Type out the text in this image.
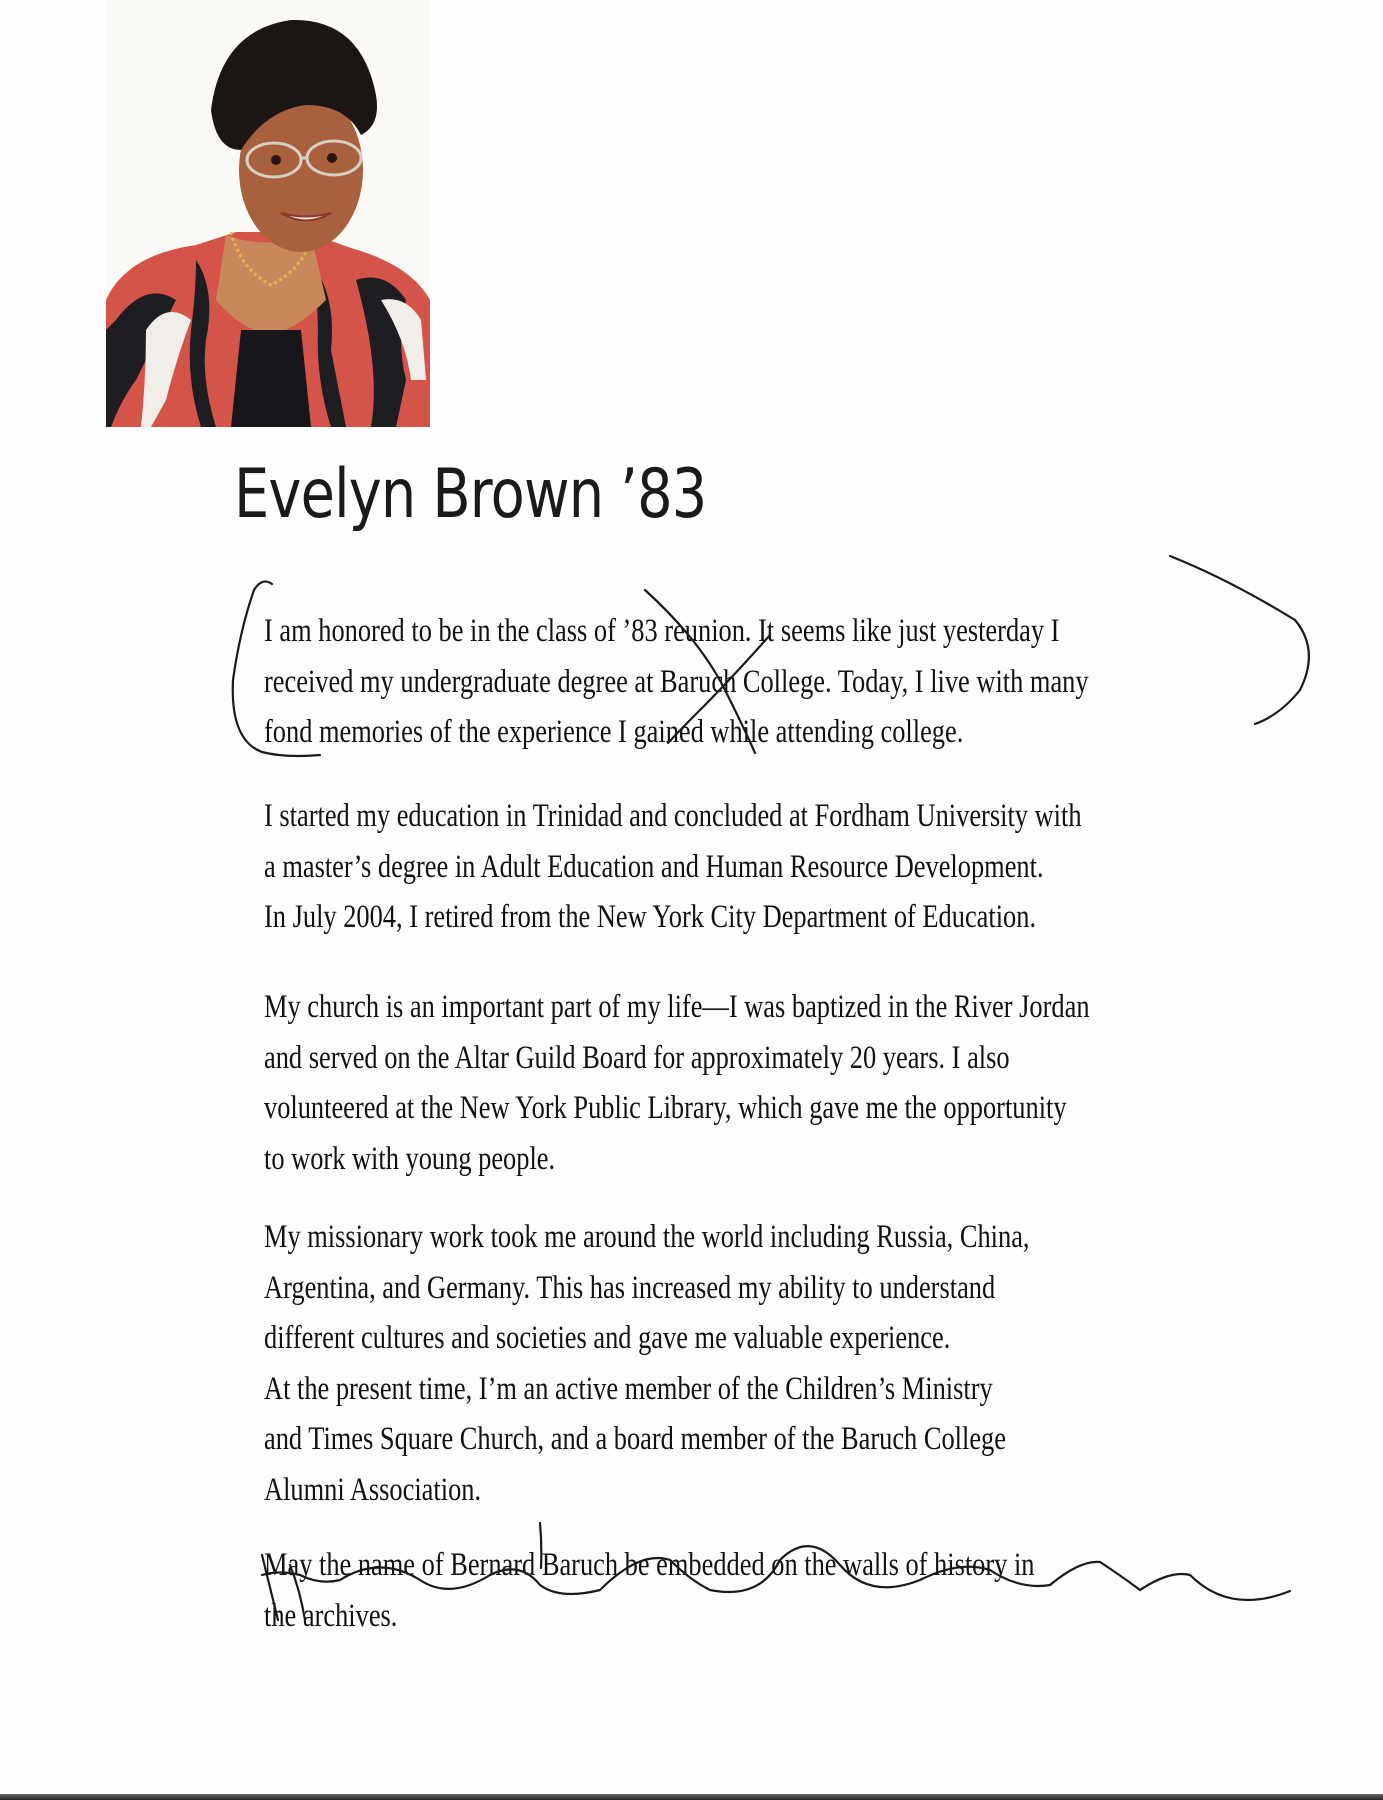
Evelyn Brown ’83
I am honored to be in the class of ’83 reunion. It seems like just yesterday I
received my undergraduate degree at Baruch College. Today, I live with many
fond memories of the experience I gained while attending college.
I started my education in Trinidad and concluded at Fordham University with
a master’s degree in Adult Education and Human Resource Development.
In July 2004, I retired from the New York City Department of Education.
My church is an important part of my life—I was baptized in the River Jordan
and served on the Altar Guild Board for approximately 20 years. I also
volunteered at the New York Public Library, which gave me the opportunity
to work with young people.
My missionary work took me around the world including Russia, China,
Argentina, and Germany. This has increased my ability to understand
different cultures and societies and gave me valuable experience.
At the present time, I’m an active member of the Children’s Ministry
and Times Square Church, and a board member of the Baruch College
Alumni Association.
May the name of Bernard Baruch be embedded on the walls of history in
the archives.
